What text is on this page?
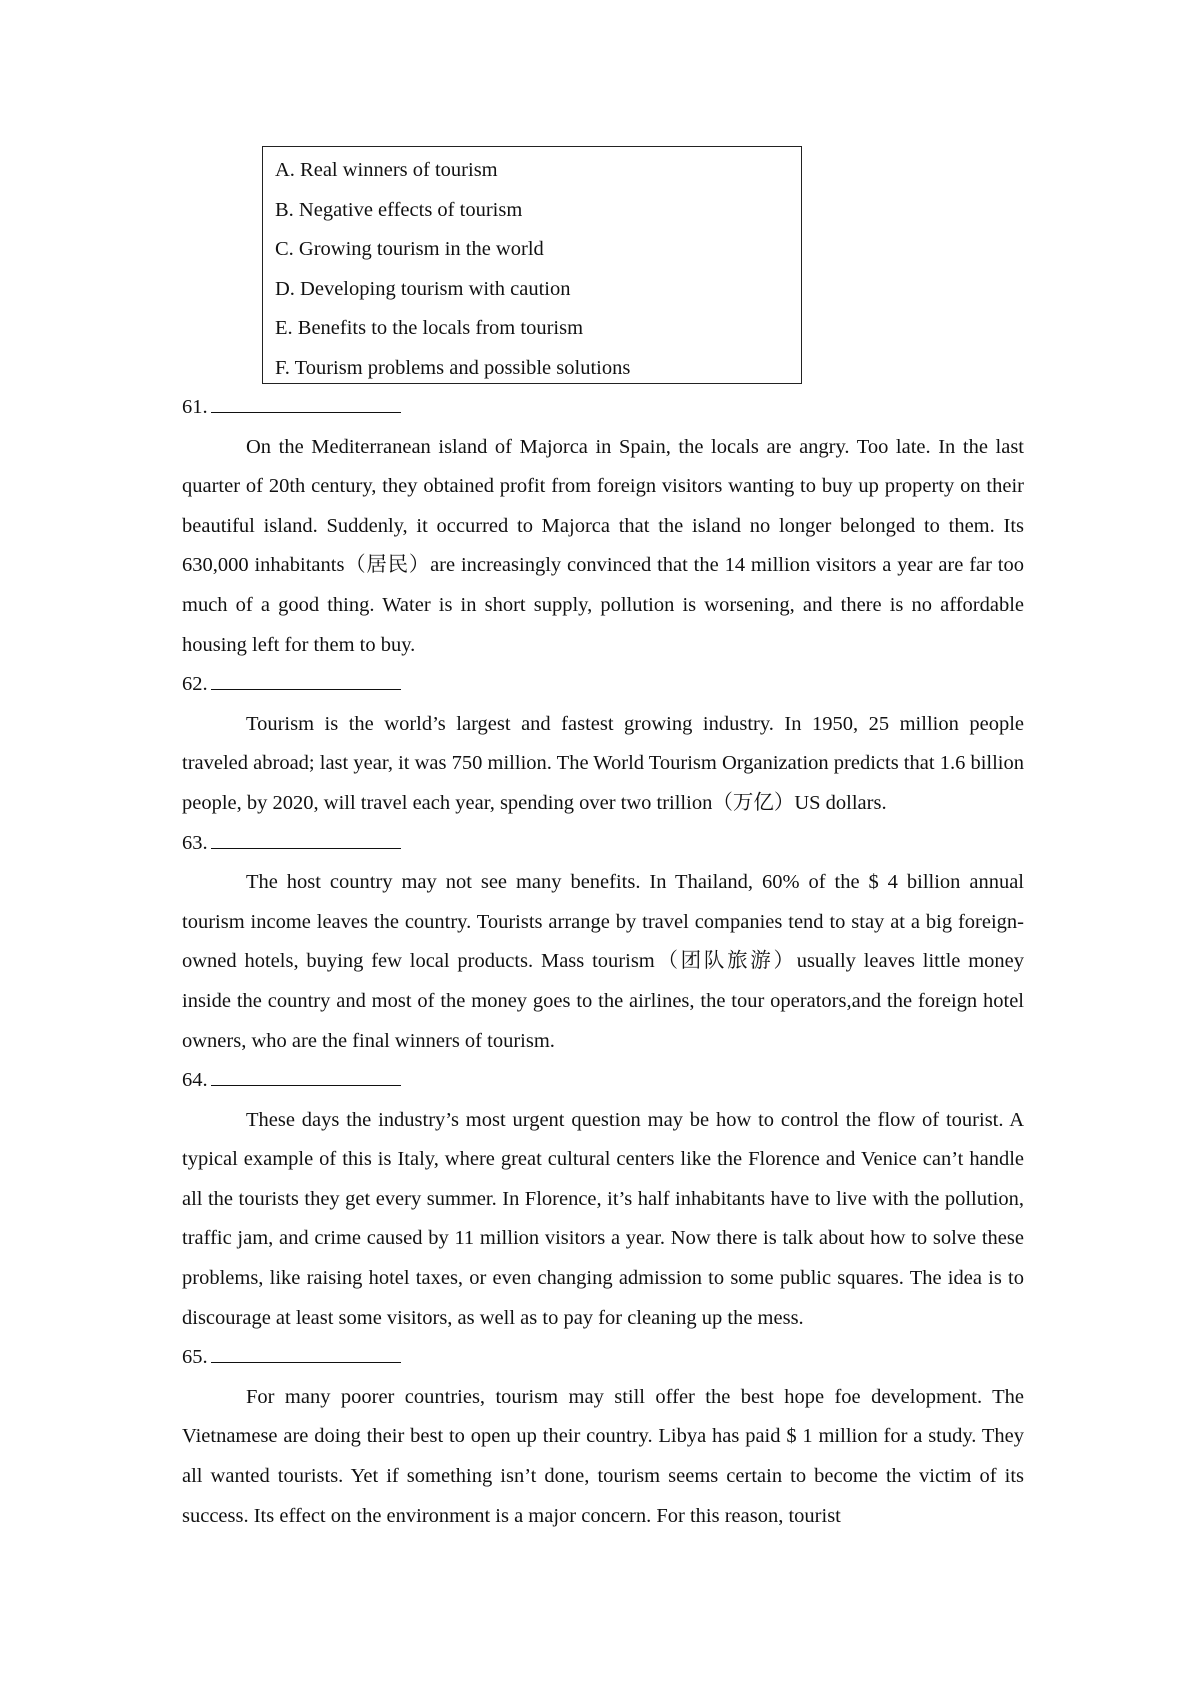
A. Real winners of tourism
B. Negative effects of tourism
C. Growing tourism in the world
D. Developing tourism with caution
E. Benefits to the locals from tourism
F. Tourism problems and possible solutions
61.

On the Mediterranean island of Majorca in Spain, the locals are angry. Too late. In the last quarter of 20th century, they obtained profit from foreign visitors wanting to buy up property on their beautiful island. Suddenly, it occurred to Majorca that the island no longer belonged to them. Its 630,000 inhabitants（居民）are increasingly convinced that the 14 million visitors a year are far too much of a good thing. Water is in short supply, pollution is worsening, and there is no affordable housing left for them to buy.

62.

Tourism is the world’s largest and fastest growing industry. In 1950, 25 million people traveled abroad; last year, it was 750 million. The World Tourism Organization predicts that 1.6 billion people, by 2020, will travel each year, spending over two trillion（万亿）US dollars.

63.

The host country may not see many benefits. In Thailand, 60% of the $ 4 billion annual tourism income leaves the country. Tourists arrange by travel companies tend to stay at a big foreign-owned hotels, buying few local products. Mass tourism（团队旅游）usually leaves little money inside the country and most of the money goes to the airlines, the tour operators,and the foreign hotel owners, who are the final winners of tourism.

64.

These days the industry’s most urgent question may be how to control the flow of tourist. A typical example of this is Italy, where great cultural centers like the Florence and Venice can’t handle all the tourists they get every summer. In Florence, it’s half inhabitants have to live with the pollution, traffic jam, and crime caused by 11 million visitors a year. Now there is talk about how to solve these problems, like raising hotel taxes, or even changing admission to some public squares. The idea is to discourage at least some visitors, as well as to pay for cleaning up the mess.

65.

For many poorer countries, tourism may still offer the best hope foe development. The Vietnamese are doing their best to open up their country. Libya has paid $ 1 million for a study. They all wanted tourists. Yet if something isn’t done, tourism seems certain to become the victim of its success. Its effect on the environment is a major concern. For this reason, tourist
